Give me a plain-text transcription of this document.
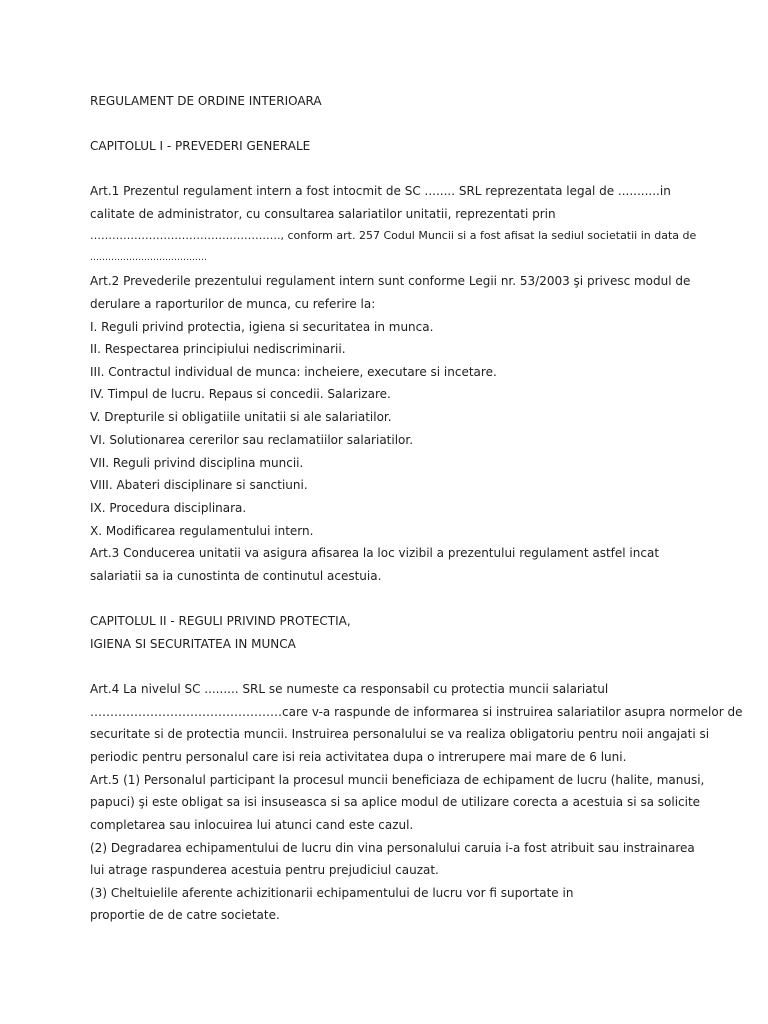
REGULAMENT DE ORDINE INTERIOARA
CAPITOLUL I - PREVEDERI GENERALE
Art.1 Prezentul regulament intern a fost intocmit de SC ........ SRL reprezentata legal de ...........in
calitate de administrator, cu consultarea salariatilor unitatii, reprezentati prin
……………………………………………., conform art. 257 Codul Muncii si a fost afisat la sediul societatii in data de
…………………………………
Art.2 Prevederile prezentului regulament intern sunt conforme Legii nr. 53/2003 şi privesc modul de
derulare a raporturilor de munca, cu referire la:
I. Reguli privind protectia, igiena si securitatea in munca.
II. Respectarea principiului nediscriminarii.
III. Contractul individual de munca: incheiere, executare si incetare.
IV. Timpul de lucru. Repaus si concedii. Salarizare.
V. Drepturile si obligatiile unitatii si ale salariatilor.
VI. Solutionarea cererilor sau reclamatiilor salariatilor.
VII. Reguli privind disciplina muncii.
VIII. Abateri disciplinare si sanctiuni.
IX. Procedura disciplinara.
X. Modificarea regulamentului intern.
Art.3 Conducerea unitatii va asigura afisarea la loc vizibil a prezentului regulament astfel incat
salariatii sa ia cunostinta de continutul acestuia.
CAPITOLUL II - REGULI PRIVIND PROTECTIA,
IGIENA SI SECURITATEA IN MUNCA
Art.4 La nivelul SC ......... SRL se numeste ca responsabil cu protectia muncii salariatul
…………………………………………care v-a raspunde de informarea si instruirea salariatilor asupra normelor de
securitate si de protectia muncii. Instruirea personalului se va realiza obligatoriu pentru noii angajati si
periodic pentru personalul care isi reia activitatea dupa o intrerupere mai mare de 6 luni.
Art.5 (1) Personalul participant la procesul muncii beneficiaza de echipament de lucru (halite, manusi,
papuci) şi este obligat sa isi insuseasca si sa aplice modul de utilizare corecta a acestuia si sa solicite
completarea sau inlocuirea lui atunci cand este cazul.
(2) Degradarea echipamentului de lucru din vina personalului caruia i-a fost atribuit sau instrainarea
lui atrage raspunderea acestuia pentru prejudiciul cauzat.
(3) Cheltuielile aferente achizitionarii echipamentului de lucru vor fi suportate in
proportie de de catre societate.
